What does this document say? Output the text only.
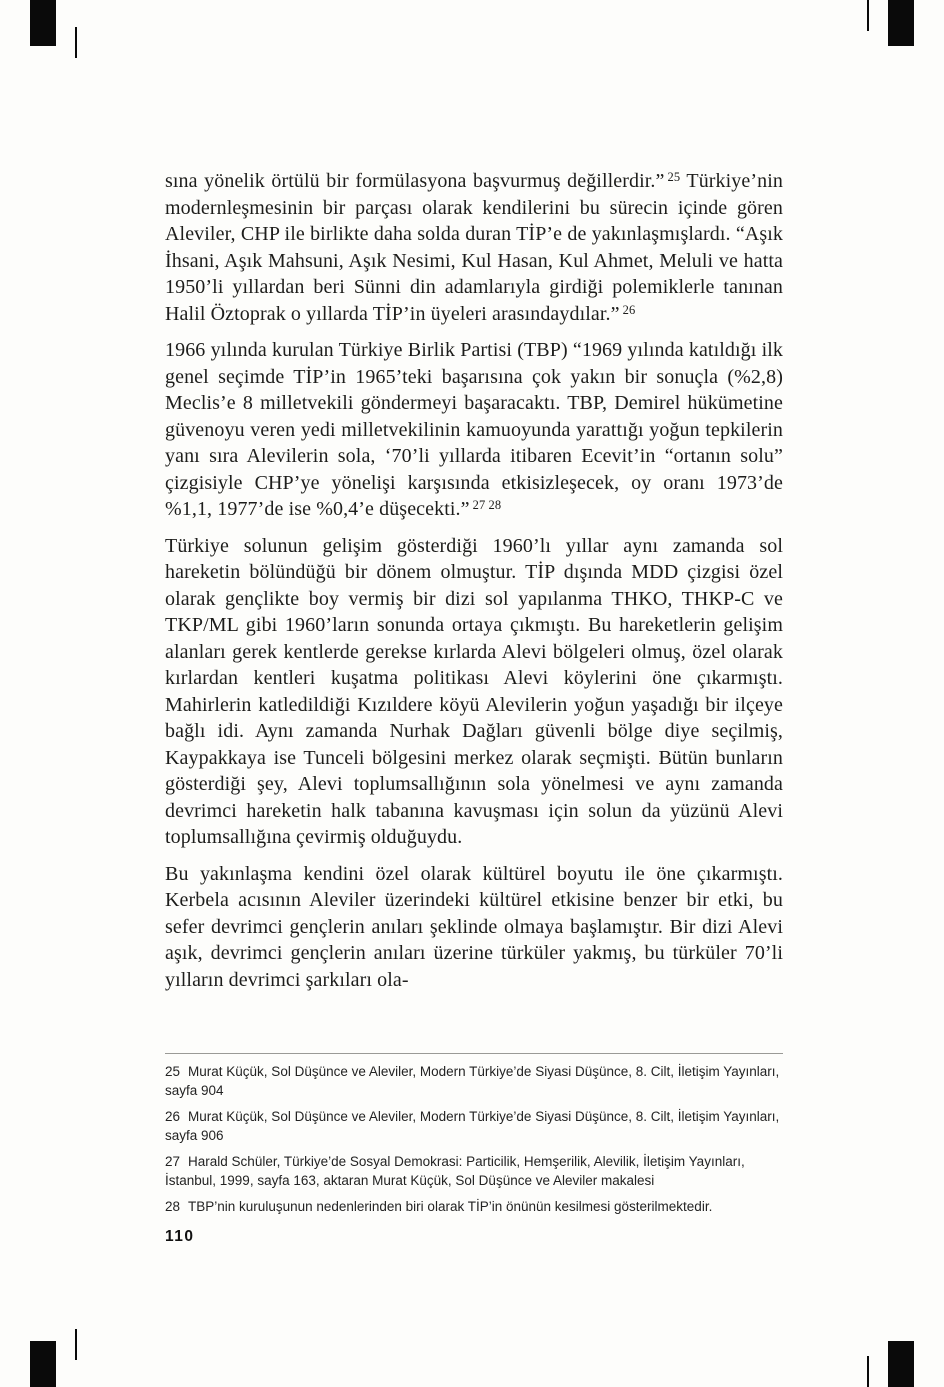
sına yönelik örtülü bir formülasyona başvurmuş değillerdir.” $^{25}$ Türkiye’nin modernleşmesinin bir parçası olarak kendilerini bu sürecin içinde gören Aleviler, CHP ile birlikte daha solda duran TİP’e de yakınlaşmışlardı. “Aşık İhsani, Aşık Mahsuni, Aşık Nesimi, Kul Hasan, Kul Ahmet, Meluli ve hatta 1950’li yıllardan beri Sünni din adamlarıyla girdiği polemiklerle tanınan Halil Öztoprak o yıllarda TİP’in üyeleri arasındaydılar.” $^{26}$

1966 yılında kurulan Türkiye Birlik Partisi (TBP) “1969 yılında katıldığı ilk genel seçimde TİP’in 1965’teki başarısına çok yakın bir sonuçla (%2,8) Meclis’e 8 milletvekili göndermeyi başaracaktı. TBP, Demirel hükümetine güvenoyu veren yedi milletvekilinin kamuoyunda yarattığı yoğun tepkilerin yanı sıra Alevilerin sola, ‘70’li yıllarda itibaren Ecevit’in “ortanın solu” çizgisiyle CHP’ye yönelişi karşısında etkisizleşecek, oy oranı 1973’de %1,1, 1977’de ise %0,4’e düşecekti.” $^{27 28}$

Türkiye solunun gelişim gösterdiği 1960’lı yıllar aynı zamanda sol hareketin bölündüğü bir dönem olmuştur. TİP dışında MDD çizgisi özel olarak gençlikte boy vermiş bir dizi sol yapılanma THKO, THKP-C ve TKP/ML gibi 1960’ların sonunda ortaya çıkmıştı. Bu hareketlerin gelişim alanları gerek kentlerde gerekse kırlarda Alevi bölgeleri olmuş, özel olarak kırlardan kentleri kuşatma politikası Alevi köylerini öne çıkarmıştı. Mahirlerin katledildiği Kızıldere köyü Alevilerin yoğun yaşadığı bir ilçeye bağlı idi. Aynı zamanda Nurhak Dağları güvenli bölge diye seçilmiş, Kaypakkaya ise Tunceli bölgesini merkez olarak seçmişti. Bütün bunların gösterdiği şey, Alevi toplumsallığının sola yönelmesi ve aynı zamanda devrimci hareketin halk tabanına kavuşması için solun da yüzünü Alevi toplumsallığına çevirmiş olduğuydu.

Bu yakınlaşma kendini özel olarak kültürel boyutu ile öne çıkarmıştı. Kerbela acısının Aleviler üzerindeki kültürel etkisine benzer bir etki, bu sefer devrimci gençlerin anıları şeklinde olmaya başlamıştır. Bir dizi Alevi aşık, devrimci gençlerin anıları üzerine türküler yakmış, bu türküler 70’li yılların devrimci şarkıları ola-

25 Murat Küçük, Sol Düşünce ve Aleviler, Modern Türkiye’de Siyasi Düşünce, 8. Cilt, İletişim Yayınları, sayfa 904

26 Murat Küçük, Sol Düşünce ve Aleviler, Modern Türkiye’de Siyasi Düşünce, 8. Cilt, İletişim Yayınları, sayfa 906

27 Harald Schüler, Türkiye’de Sosyal Demokrasi: Particilik, Hemşerilik, Alevilik, İletişim Yayınları, İstanbul, 1999, sayfa 163, aktaran Murat Küçük, Sol Düşünce ve Aleviler makalesi

28 TBP’nin kuruluşunun nedenlerinden biri olarak TİP’in önünün kesilmesi gösterilmektedir.

110
